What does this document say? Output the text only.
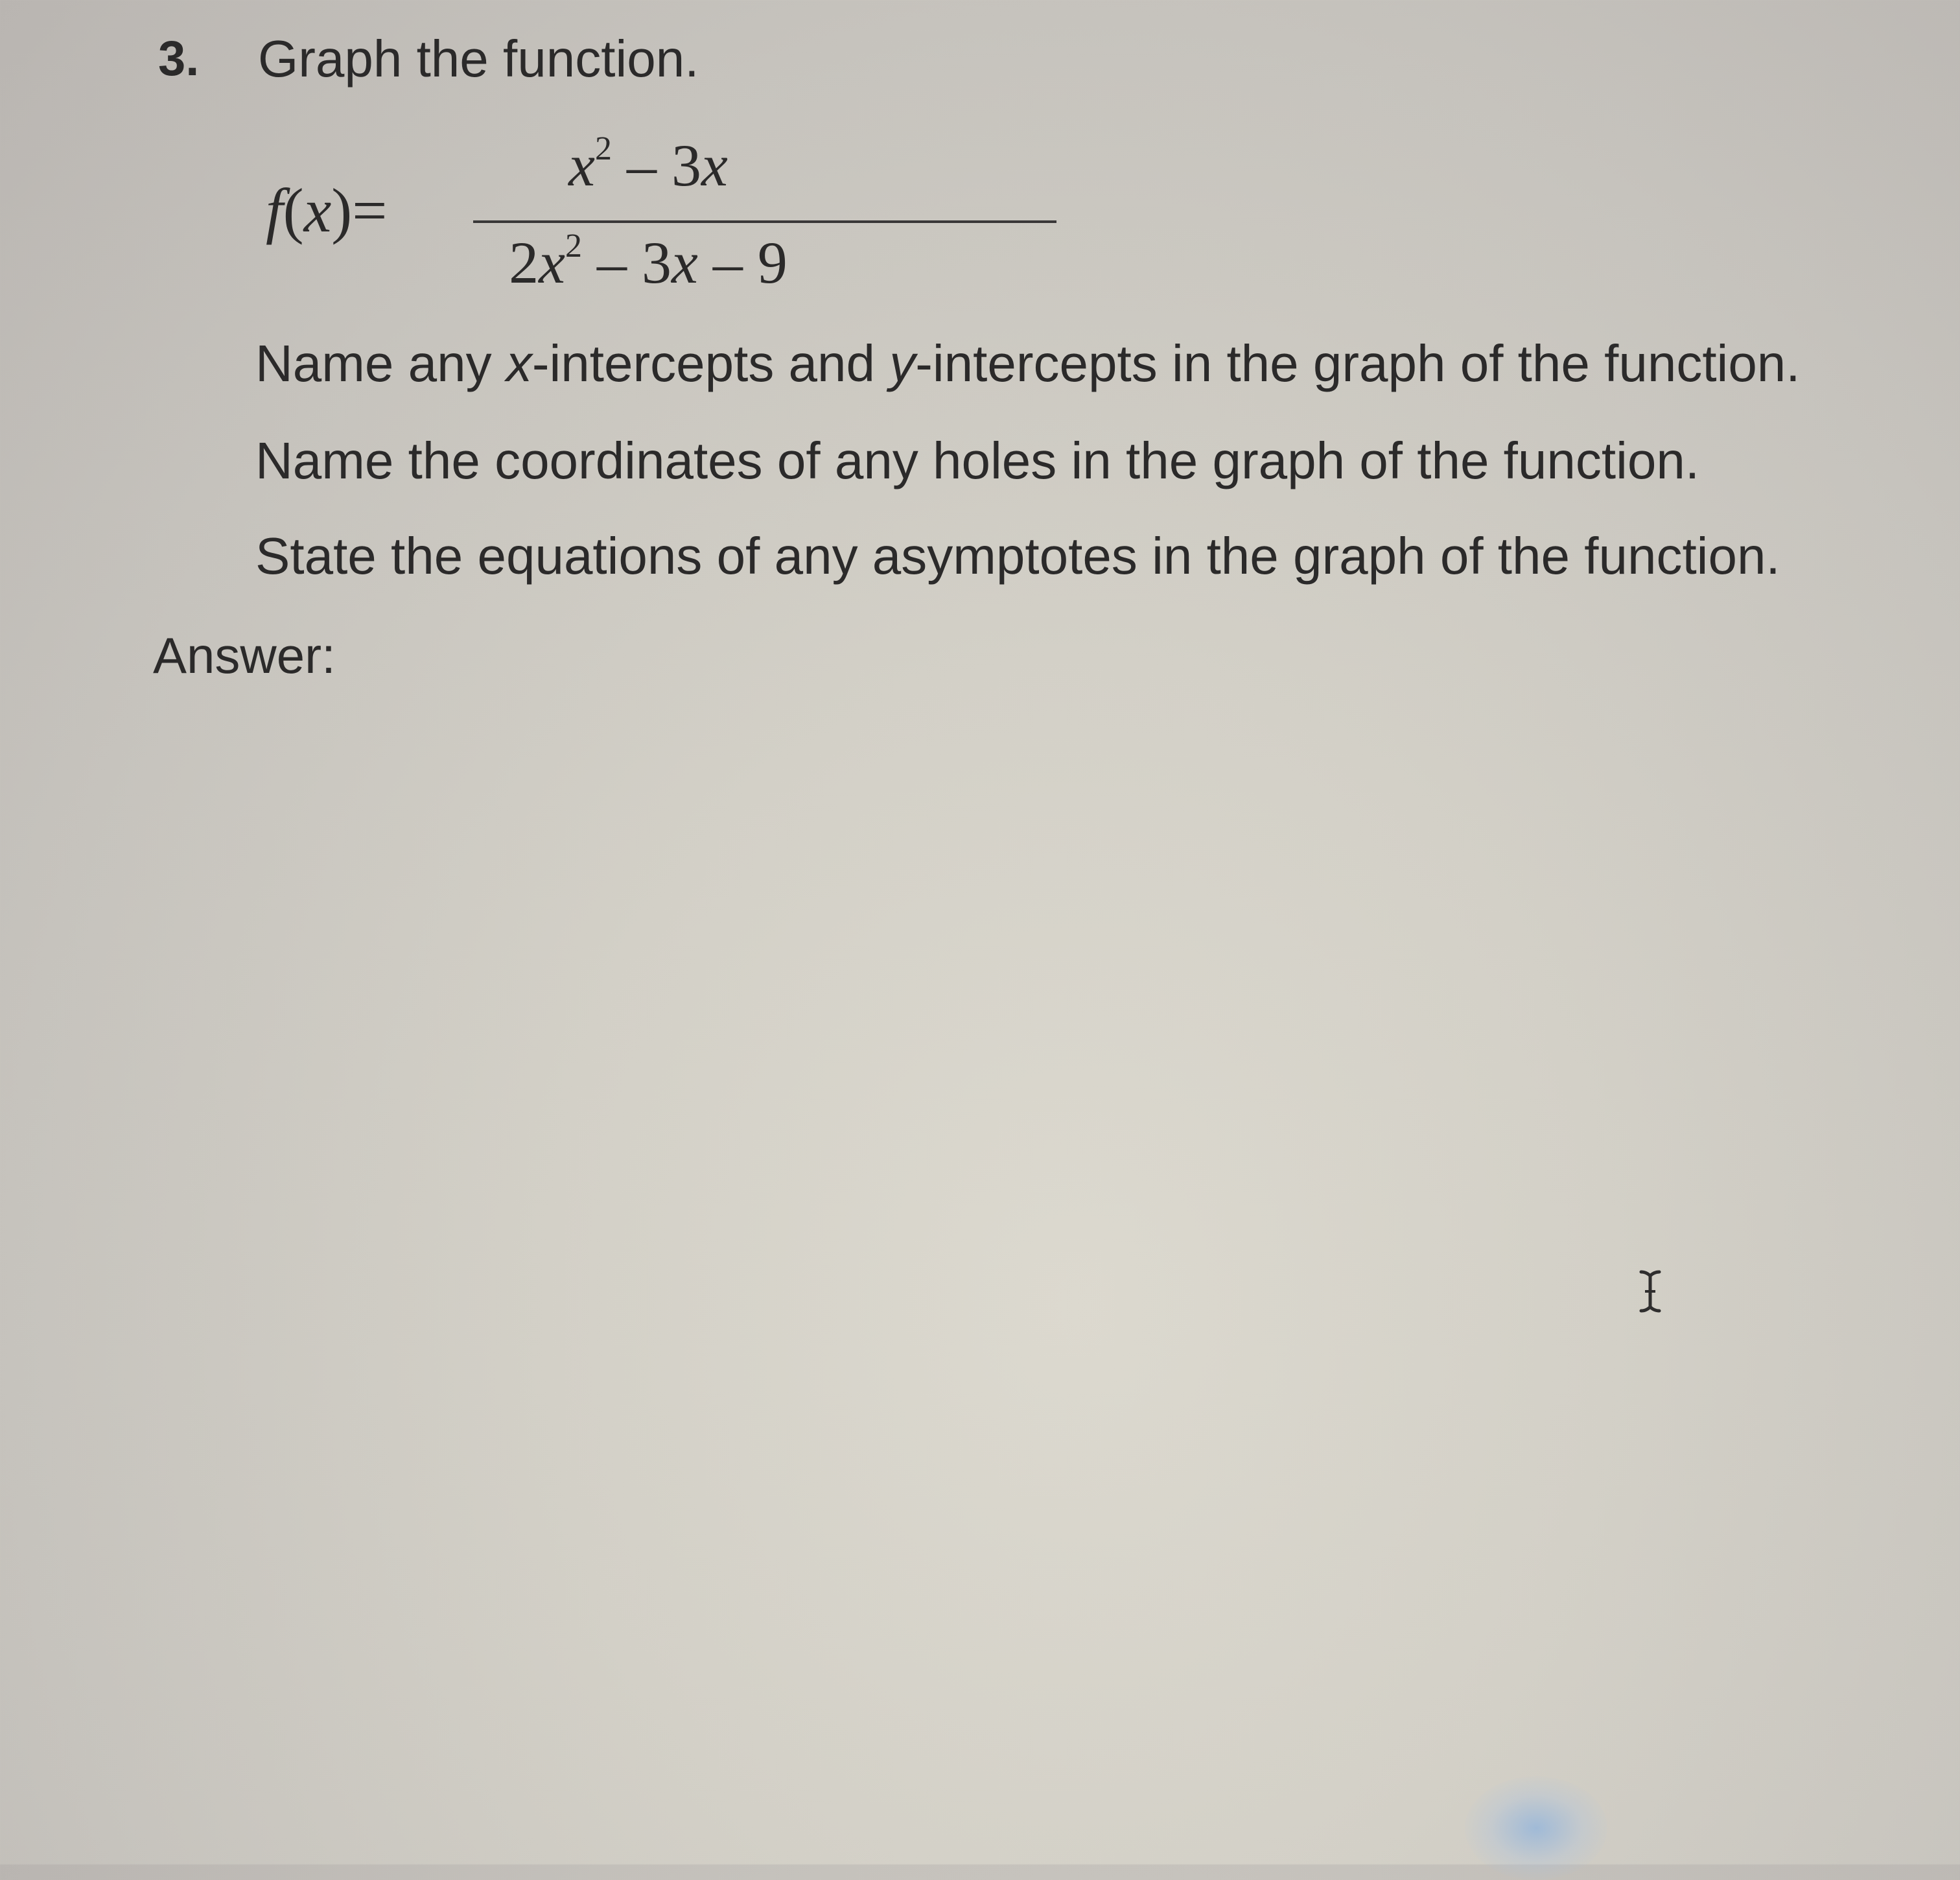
3. Graph the function.
f(x)=
$x^2 - 3x$
$2x^2 - 3x - 9$
Name any x-intercepts and y-intercepts in the graph of the function.
Name the coordinates of any holes in the graph of the function.
State the equations of any asymptotes in the graph of the function.
Answer:
